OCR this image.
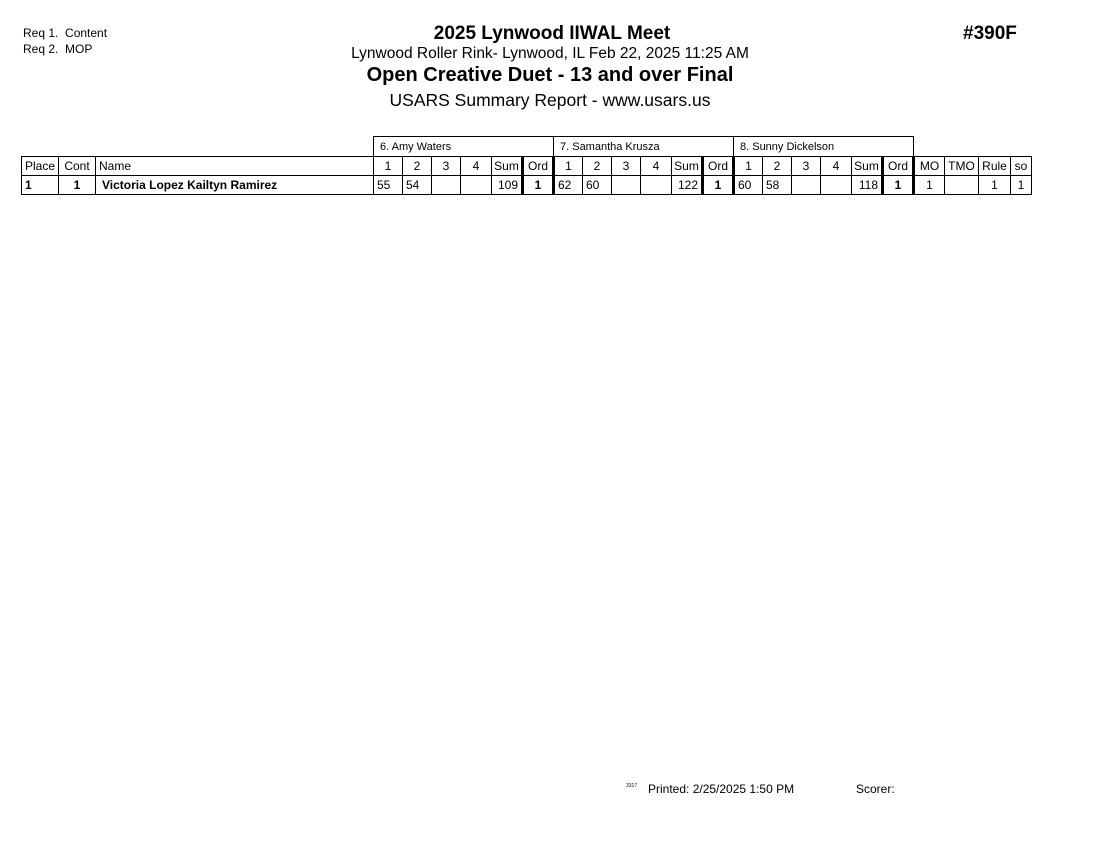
Req 1. Content
Req 2. MOP
2025 Lynwood IIWAL Meet
Lynwood Roller Rink- Lynwood, IL Feb 22, 2025 11:25 AM
Open Creative Duet - 13 and over Final
USARS Summary Report - www.usars.us
#390F
			6. Amy Waters						7. Samantha Krusza						8. Sunny Dickelson									
Place	Cont	Name	1	2	3	4	Sum	Ord	1	2	3	4	Sum	Ord	1	2	3	4	Sum	Ord	MO	TMO	Rule	so
1	1	Victoria Lopez Kailtyn Ramirez	55	54			109	1	62	60			122	1	60	58			118	1	1		1	1
3317 Printed: 2/25/2025 1:50 PM	Scorer:
